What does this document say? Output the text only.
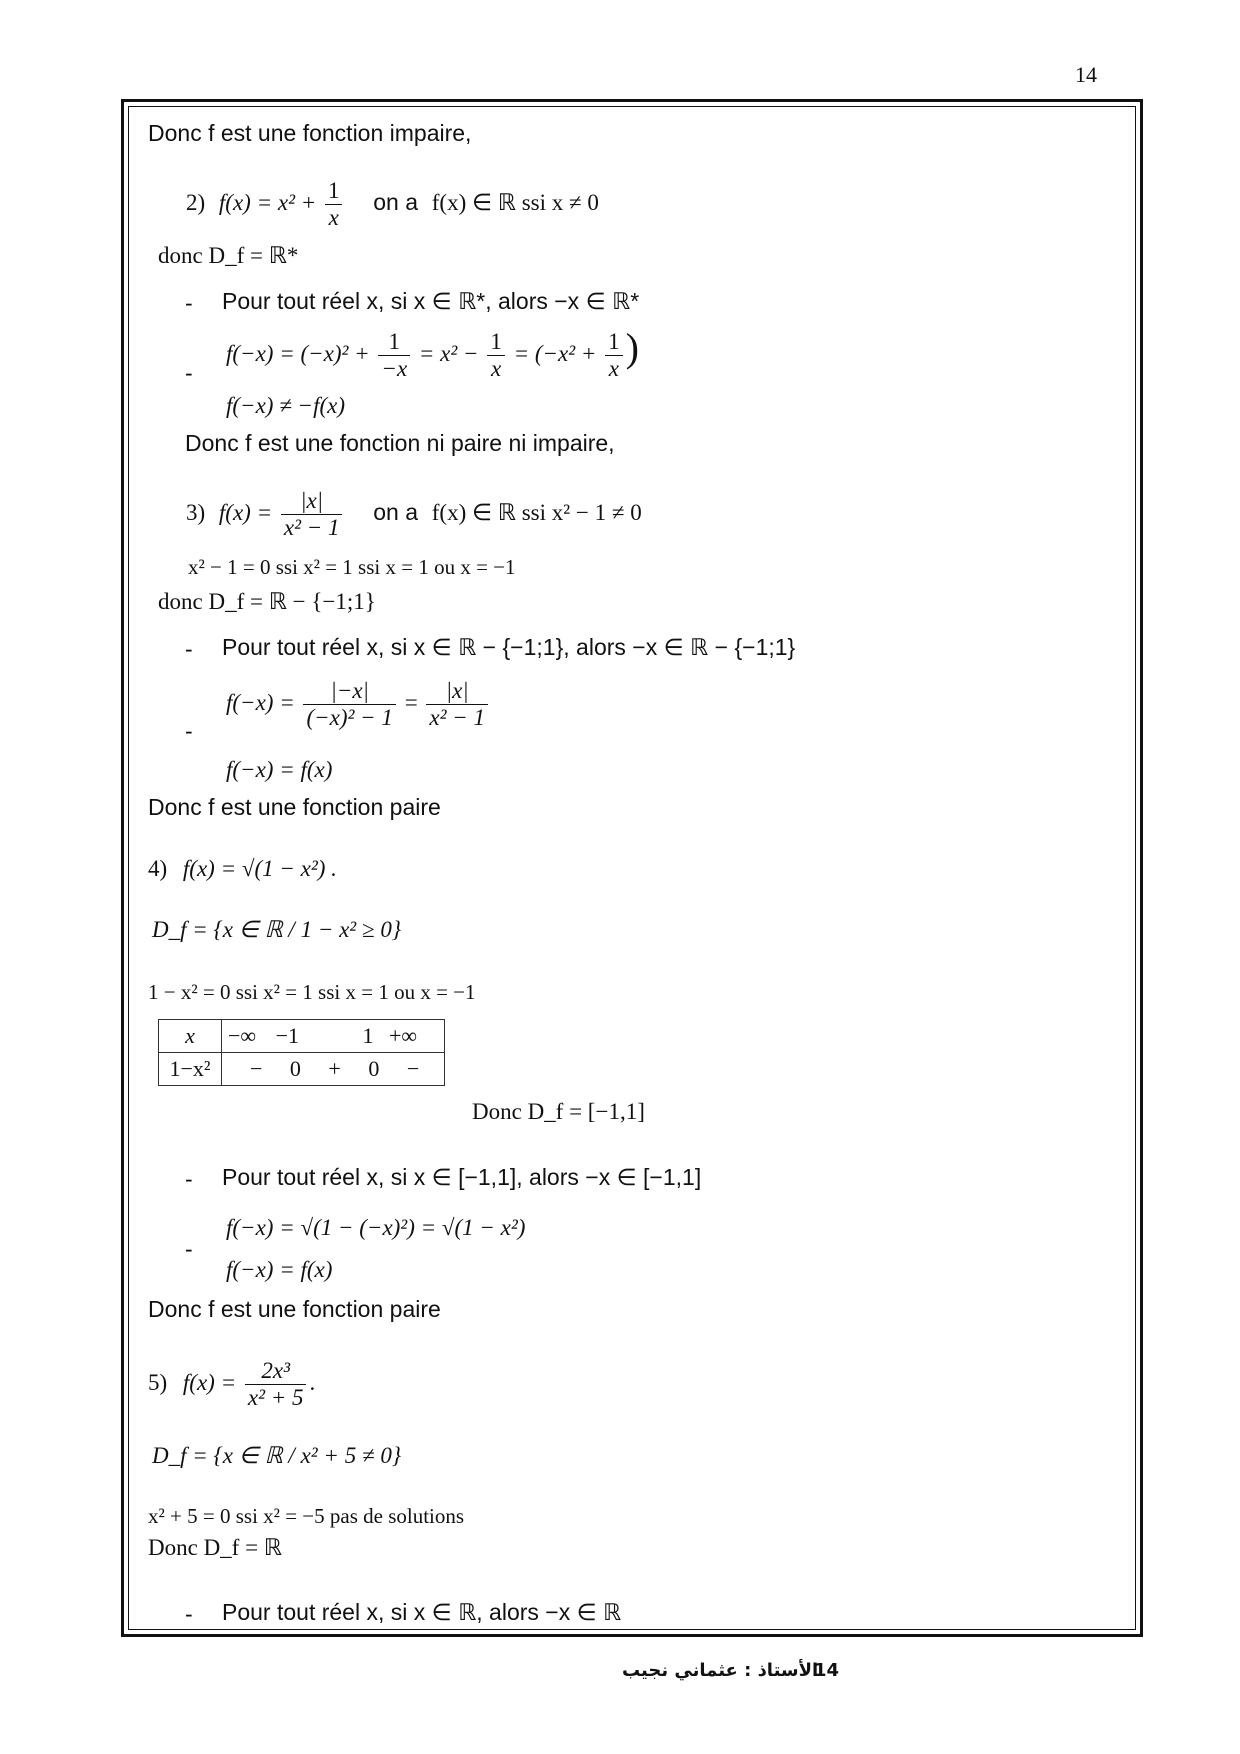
14
Donc f est une fonction impaire,
2) $f(x) = x^2 + \frac{1}{x}$ on a f(x) ∈ ℝ ssi x ≠ 0
donc D_f = ℝ*
- Pour tout réel x, si x ∈ ℝ*, alors −x ∈ ℝ*
-
$f(-x) = (-x)^2 + \frac{1}{-x} = x^2 - \frac{1}{x} = (-x^2 + \frac{1}{x}$ )
f(−x) ≠ −f(x)
Donc f est une fonction ni paire ni impaire,
3) $f(x) = \frac{|x|}{\text{x² − 1}}$ on a f(x) ∈ ℝ ssi x² − 1 ≠ 0
x² − 1 = 0 ssi x² = 1 ssi x = 1 ou x = −1
donc D_f = ℝ − {−1;1}
- Pour tout réel x, si x ∈ ℝ − {−1;1}, alors −x ∈ ℝ − {−1;1}
-
$f(-x) = \frac{|-x|}{\text{(−x)² − 1}} = \frac{|x|}{\text{x² − 1}}$
f(−x) = f(x)
Donc f est une fonction paire
4) f(x) = √(1 − x²) .
D_f = {x ∈ ℝ / 1 − x² ≥ 0}
1 − x² = 0 ssi x² = 1 ssi x = 1 ou x = −1
x	−∞ −1 1 +∞
1−x²	− 0 + 0 −
Donc D_f = [−1,1]
- Pour tout réel x, si x ∈ [−1,1], alors −x ∈ [−1,1]
-
f(−x) = √(1 − (−x)²) = √(1 − x²)
f(−x) = f(x)
Donc f est une fonction paire
5) $f(x) = \frac{\text{2x³}}{\text{x² + 5}}$ .
D_f = {x ∈ ℝ / x² + 5 ≠ 0}
x² + 5 = 0 ssi x² = −5 pas de solutions
Donc D_f = ℝ
- Pour tout réel x, si x ∈ ℝ, alors −x ∈ ℝ
الأستاذ : عثماني نجيب
14
